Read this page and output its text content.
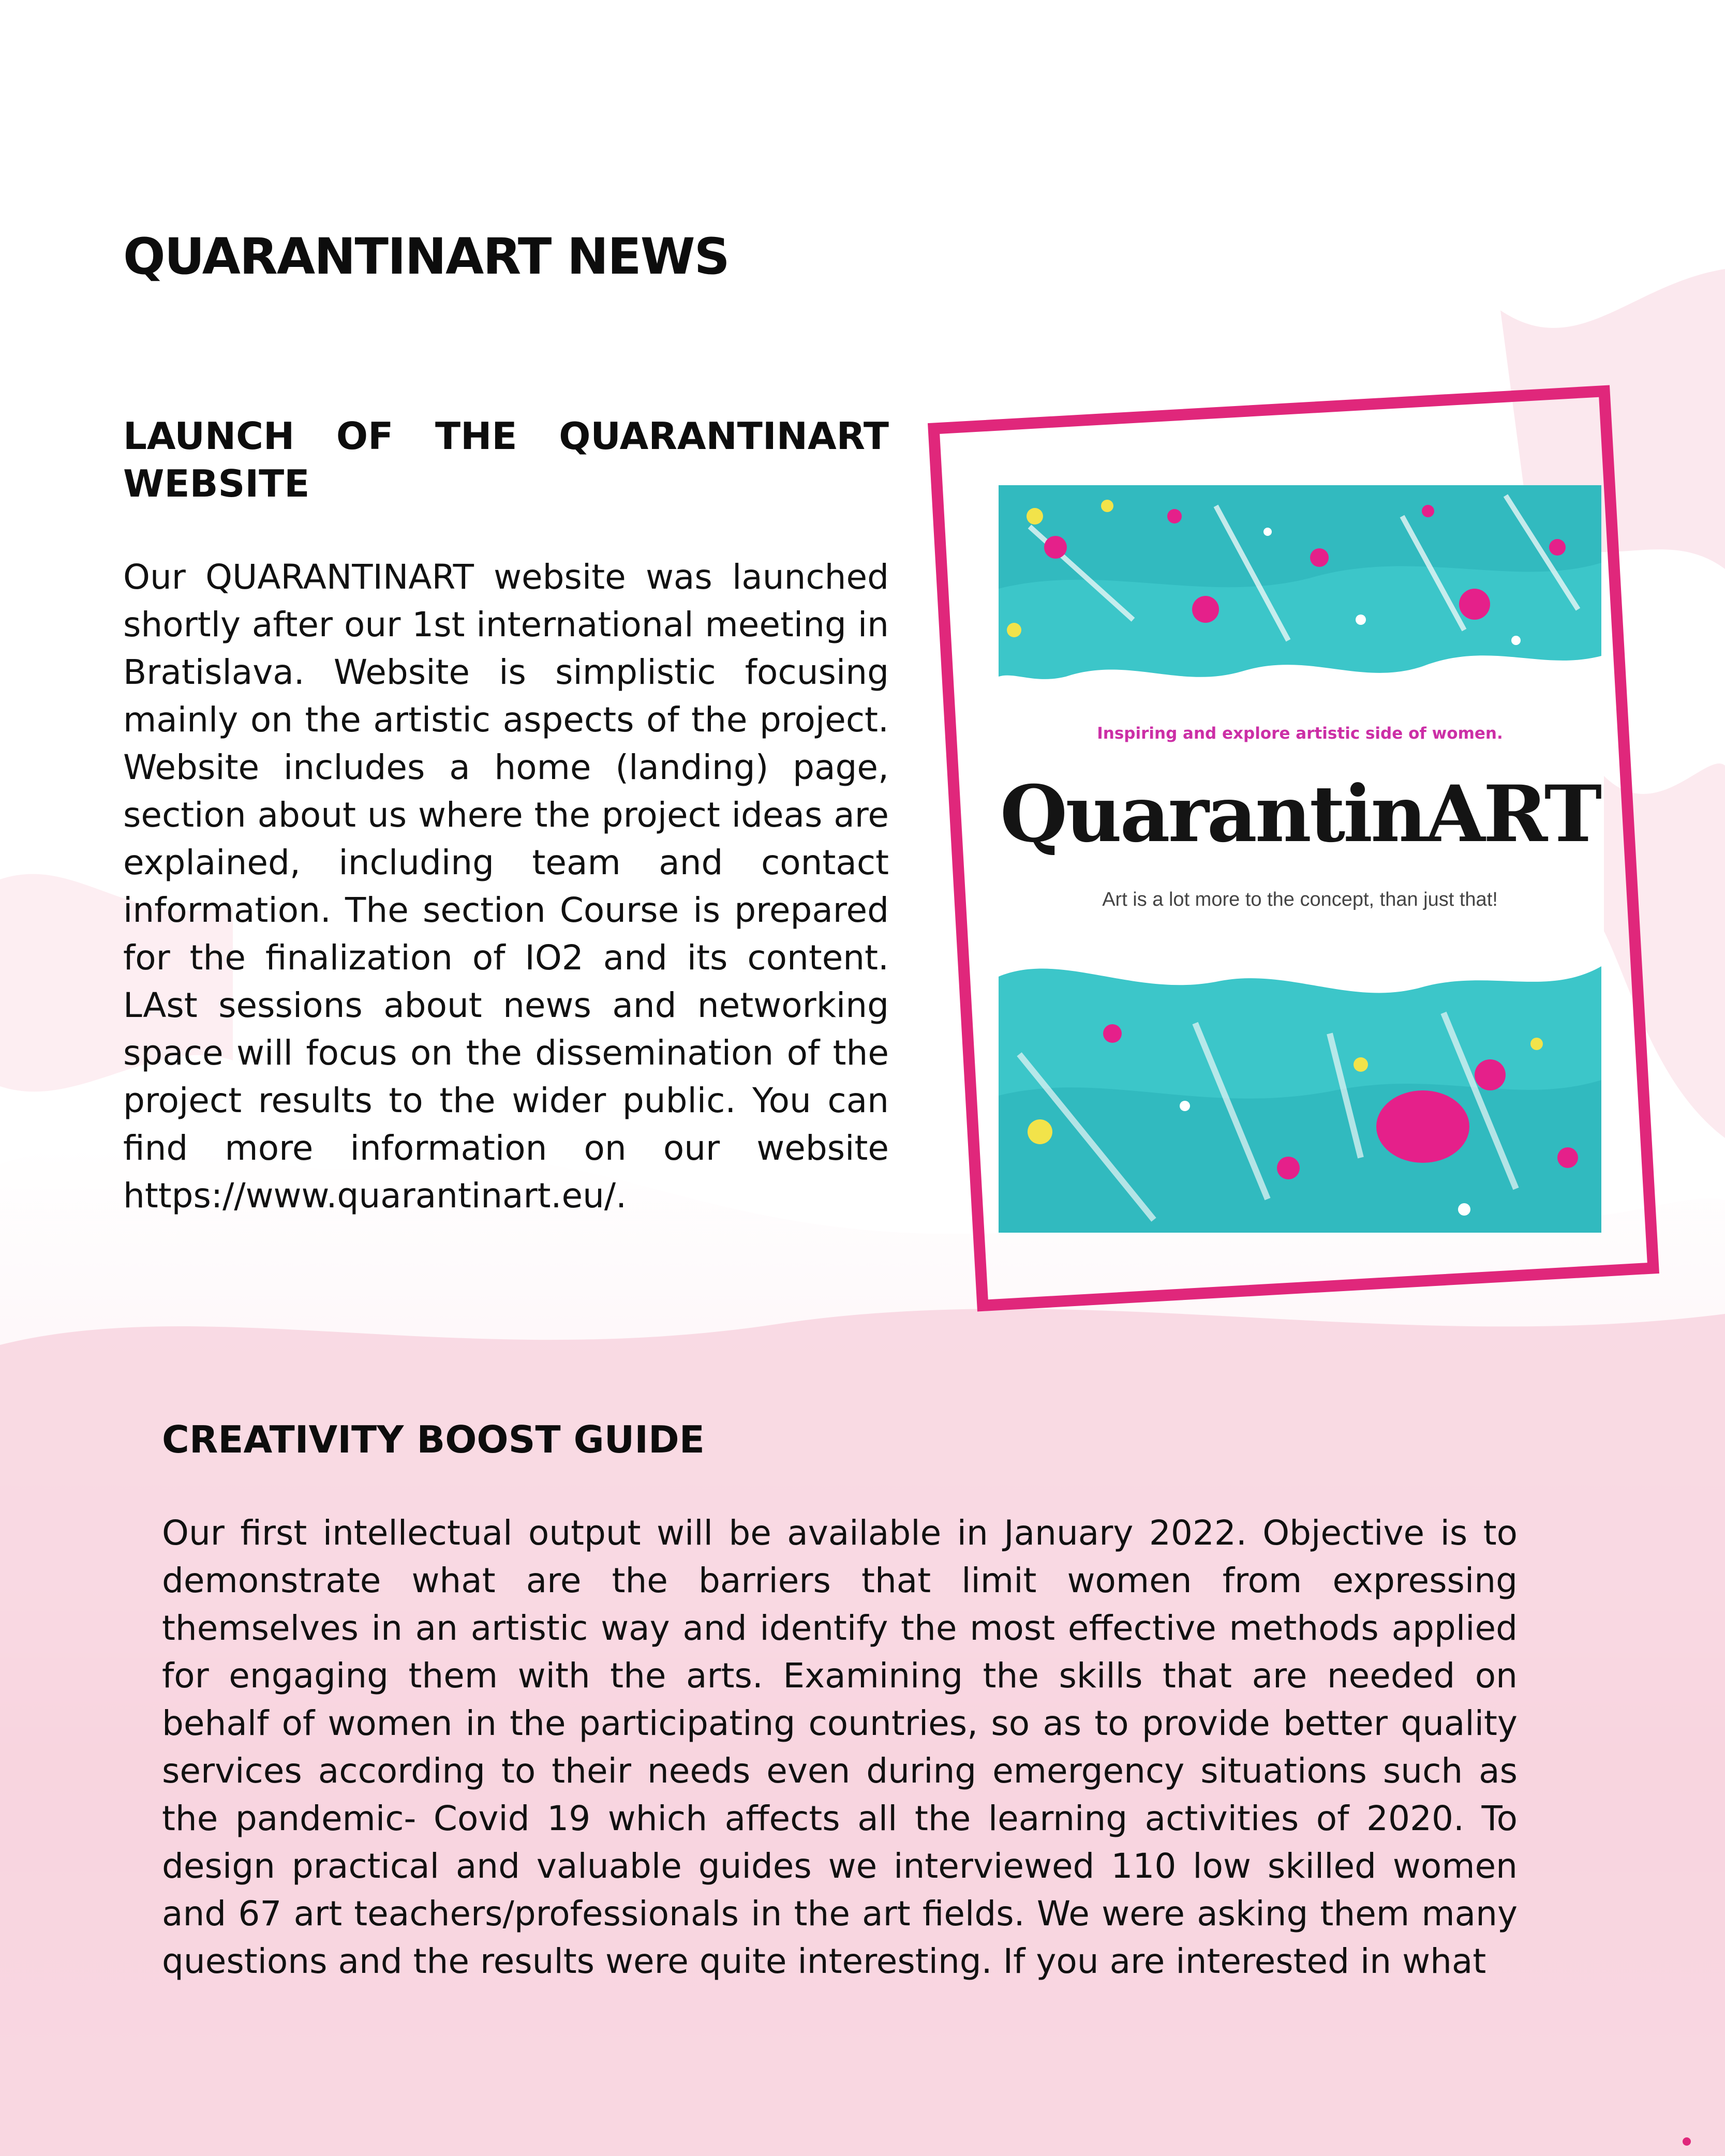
QUARANTINART NEWS
LAUNCH OF THE QUARANTINART WEBSITE

Our QUARANTINART website was launched shortly after our 1st international meeting in Bratislava. Website is simplistic focusing mainly on the artistic aspects of the project. Website includes a home (landing) page, section about us where the project ideas are explained, including team and contact information. The section Course is prepared for the finalization of IO2 and its content. LAst sessions about news and networking space will focus on the dissemination of the project results to the wider public. You can find more information on our website https://www.quarantinart.eu/.

Inspiring and explore artistic side of women.
QuarantinART
Art is a lot more to the concept, than just that!
CREATIVITY BOOST GUIDE

Our first intellectual output will be available in January 2022. Objective is to demonstrate what are the barriers that limit women from expressing themselves in an artistic way and identify the most effective methods applied for engaging them with the arts. Examining the skills that are needed on behalf of women in the participating countries, so as to provide better quality services according to their needs even during emergency situations such as the pandemic- Covid 19 which affects all the learning activities of 2020. To design practical and valuable guides we interviewed 110 low skilled women and 67 art teachers/professionals in the art fields. We were asking them many questions and the results were quite interesting. If you are interested in what
